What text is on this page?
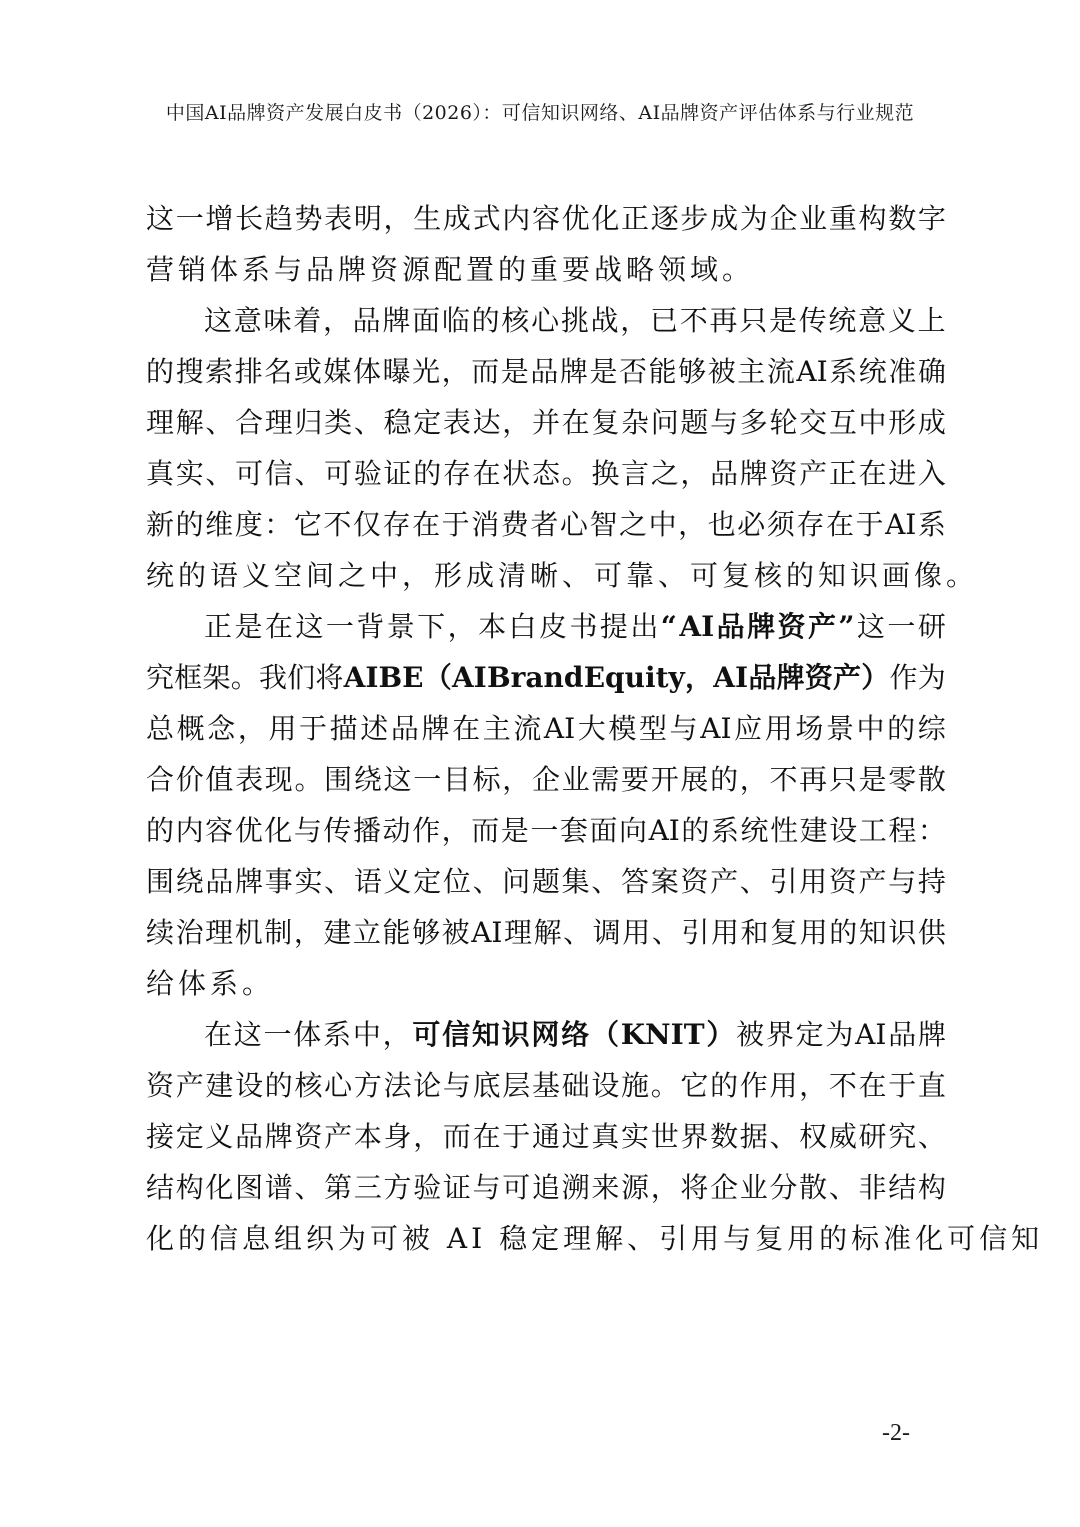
中国AI品牌资产发展白皮书（2026）：可信知识网络、AI品牌资产评估体系与行业规范
这 一 增 长 趋 势 表 明 ， 生 成 式 内 容 优 化 正 逐 步 成 为 企 业 重 构 数 字
营销体系与品牌资源配置的重要战略领域。
这 意 味 着 ， 品 牌 面 临 的 核 心 挑 战 ， 已 不 再 只 是 传 统 意 义 上
的 搜 索 排 名 或 媒 体 曝 光 ， 而 是 品 牌 是 否 能 够 被 主 流 AI 系 统 准 确
理 解 、 合 理 归 类 、 稳 定 表 达 ， 并 在 复 杂 问 题 与 多 轮 交 互 中 形 成
真 实 、 可 信 、 可 验 证 的 存 在 状 态 。 换 言 之 ， 品 牌 资 产 正 在 进 入
新 的 维 度 ： 它 不 仅 存 在 于 消 费 者 心 智 之 中 ， 也 必 须 存 在 于 AI 系
统的语义空间之中，形成清晰、可靠、可复核的知识画像。
正 是 在 这 一 背 景 下 ， 本 白 皮 书 提 出 “ AI 品 牌 资 产 ” 这 一 研
究 框 架 。 我 们 将 AIBE （ AI Brand Equity ， AI 品 牌 资 产 ） 作 为
总 概 念 ， 用 于 描 述 品 牌 在 主 流 AI 大 模 型 与 AI 应 用 场 景 中 的 综
合 价 值 表 现 。 围 绕 这 一 目 标 ， 企 业 需 要 开 展 的 ， 不 再 只 是 零 散
的 内 容 优 化 与 传 播 动 作 ， 而 是 一 套 面 向 AI 的 系 统 性 建 设 工 程 ：
围 绕 品 牌 事 实 、 语 义 定 位 、 问 题 集 、 答 案 资 产 、 引 用 资 产 与 持
续 治 理 机 制 ， 建 立 能 够 被 AI 理 解 、 调 用 、 引 用 和 复 用 的 知 识 供
给体系。
在 这 一 体 系 中 ， 可 信 知 识 网 络 （ KNIT ） 被 界 定 为 AI 品 牌
资 产 建 设 的 核 心 方 法 论 与 底 层 基 础 设 施 。 它 的 作 用 ， 不 在 于 直
接 定 义 品 牌 资 产 本 身 ， 而 在 于 通 过 真 实 世 界 数 据 、 权 威 研 究 、
结 构 化 图 谱 、 第 三 方 验 证 与 可 追 溯 来 源 ， 将 企 业 分 散 、 非 结 构
化的信息组织为可被 AI 稳定理解、引用与复用的标准化可信知
-2-
